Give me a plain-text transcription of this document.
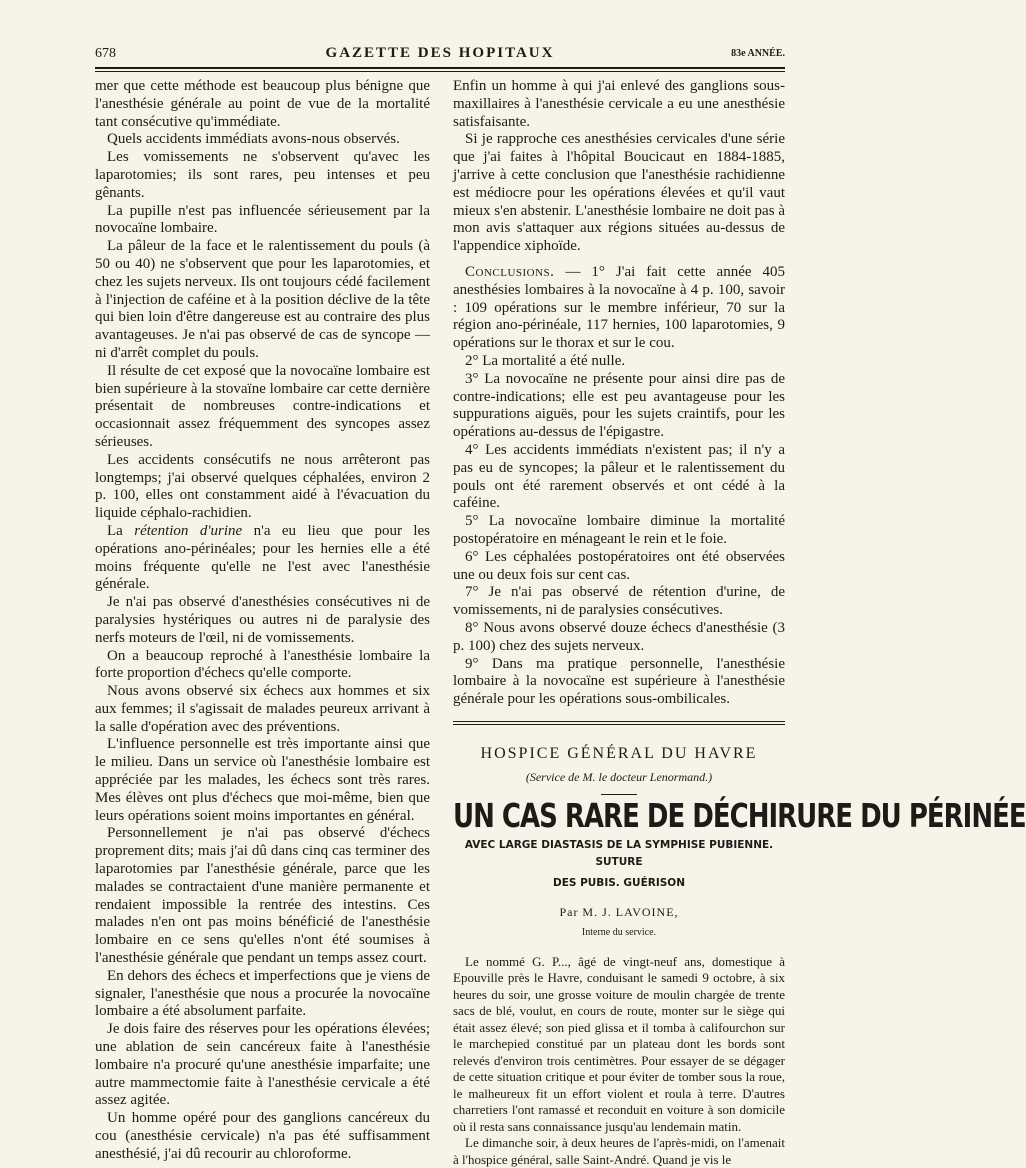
678	GAZETTE DES HOPITAUX	83e ANNÉE.

mer que cette méthode est beaucoup plus bénigne que l'anesthésie générale au point de vue de la mortalité tant consécutive qu'immédiate.

Quels accidents immédiats avons-nous observés.

Les vomissements ne s'observent qu'avec les laparotomies; ils sont rares, peu intenses et peu gênants.

La pupille n'est pas influencée sérieusement par la novocaïne lombaire.

La pâleur de la face et le ralentissement du pouls (à 50 ou 40) ne s'observent que pour les laparotomies, et chez les sujets nerveux. Ils ont toujours cédé facilement à l'injection de caféine et à la position déclive de la tête qui bien loin d'être dangereuse est au contraire des plus avantageuses. Je n'ai pas observé de cas de syncope — ni d'arrêt complet du pouls.

Il résulte de cet exposé que la novocaïne lombaire est bien supérieure à la stovaïne lombaire car cette dernière présentait de nombreuses contre-indications et occasionnait assez fréquemment des syncopes assez sérieuses.

Les accidents consécutifs ne nous arrêteront pas longtemps; j'ai observé quelques céphalées, environ 2 p. 100, elles ont constamment aidé à l'évacuation du liquide céphalo-rachidien.

La rétention d'urine n'a eu lieu que pour les opérations ano-périnéales; pour les hernies elle a été moins fréquente qu'elle ne l'est avec l'anesthésie générale.

Je n'ai pas observé d'anesthésies consécutives ni de paralysies hystériques ou autres ni de paralysie des nerfs moteurs de l'œil, ni de vomissements.

On a beaucoup reproché à l'anesthésie lombaire la forte proportion d'échecs qu'elle comporte.

Nous avons observé six échecs aux hommes et six aux femmes; il s'agissait de malades peureux arrivant à la salle d'opération avec des préventions.

L'influence personnelle est très importante ainsi que le milieu. Dans un service où l'anesthésie lombaire est appréciée par les malades, les échecs sont très rares. Mes élèves ont plus d'échecs que moi-même, bien que leurs opérations soient moins importantes en général.

Personnellement je n'ai pas observé d'échecs proprement dits; mais j'ai dû dans cinq cas terminer des laparotomies par l'anesthésie générale, parce que les malades se contractaient d'une manière permanente et rendaient impossible la rentrée des intestins. Ces malades n'en ont pas moins bénéficié de l'anesthésie lombaire en ce sens qu'elles n'ont été soumises à l'anesthésie générale que pendant un temps assez court.

En dehors des échecs et imperfections que je viens de signaler, l'anesthésie que nous a procurée la novocaïne lombaire a été absolument parfaite.

Je dois faire des réserves pour les opérations élevées; une ablation de sein cancéreux faite à l'anesthésie lombaire n'a procuré qu'une anesthésie imparfaite; une autre mammectomie faite à l'anesthésie cervicale a été assez agitée.

Un homme opéré pour des ganglions cancéreux du cou (anesthésie cervicale) n'a pas été suffisamment anesthésié, j'ai dû recourir au chloroforme.

Enfin un homme à qui j'ai enlevé des ganglions sous-maxillaires à l'anesthésie cervicale a eu une anesthésie satisfaisante.

Si je rapproche ces anesthésies cervicales d'une série que j'ai faites à l'hôpital Boucicaut en 1884-1885, j'arrive à cette conclusion que l'anesthésie rachidienne est médiocre pour les opérations élevées et qu'il vaut mieux s'en abstenir. L'anesthésie lombaire ne doit pas à mon avis s'attaquer aux régions situées au-dessus de l'appendice xiphoïde.

Conclusions. — 1° J'ai fait cette année 405 anesthésies lombaires à la novocaïne à 4 p. 100, savoir : 109 opérations sur le membre inférieur, 70 sur la région ano-périnéale, 117 hernies, 100 laparotomies, 9 opérations sur le thorax et sur le cou.

2° La mortalité a été nulle.

3° La novocaïne ne présente pour ainsi dire pas de contre-indications; elle est peu avantageuse pour les suppurations aiguës, pour les sujets craintifs, pour les opérations au-dessus de l'épigastre.

4° Les accidents immédiats n'existent pas; il n'y a pas eu de syncopes; la pâleur et le ralentissement du pouls ont été rarement observés et ont cédé à la caféine.

5° La novocaïne lombaire diminue la mortalité postopératoire en ménageant le rein et le foie.

6° Les céphalées postopératoires ont été observées une ou deux fois sur cent cas.

7° Je n'ai pas observé de rétention d'urine, de vomissements, ni de paralysies consécutives.

8° Nous avons observé douze échecs d'anesthésie (3 p. 100) chez des sujets nerveux.

9° Dans ma pratique personnelle, l'anesthésie lombaire à la novocaïne est supérieure à l'anesthésie générale pour les opérations sous-ombilicales.

HOSPICE GÉNÉRAL DU HAVRE

(Service de M. le docteur Lenormand.)
UN CAS RARE DE DÉCHIRURE DU PÉRINÉE
AVEC LARGE DIASTASIS DE LA SYMPHISE PUBIENNE. SUTURE
DES PUBIS. GUÉRISON
Par M. J. LAVOINE,
Interne du service.

Le nommé G. P..., âgé de vingt-neuf ans, domestique à Epouville près le Havre, conduisant le samedi 9 octobre, à six heures du soir, une grosse voiture de moulin chargée de trente sacs de blé, voulut, en cours de route, monter sur le siège qui était assez élevé; son pied glissa et il tomba à califourchon sur le marchepied constitué par un plateau dont les bords sont relevés d'environ trois centimètres. Pour essayer de se dégager de cette situation critique et pour éviter de tomber sous la roue, le malheureux fit un effort violent et roula à terre. D'autres charretiers l'ont ramassé et reconduit en voiture à son domicile où il resta sans connaissance jusqu'au lendemain matin.

Le dimanche soir, à deux heures de l'après-midi, on l'amenait à l'hospice général, salle Saint-André. Quand je vis le
